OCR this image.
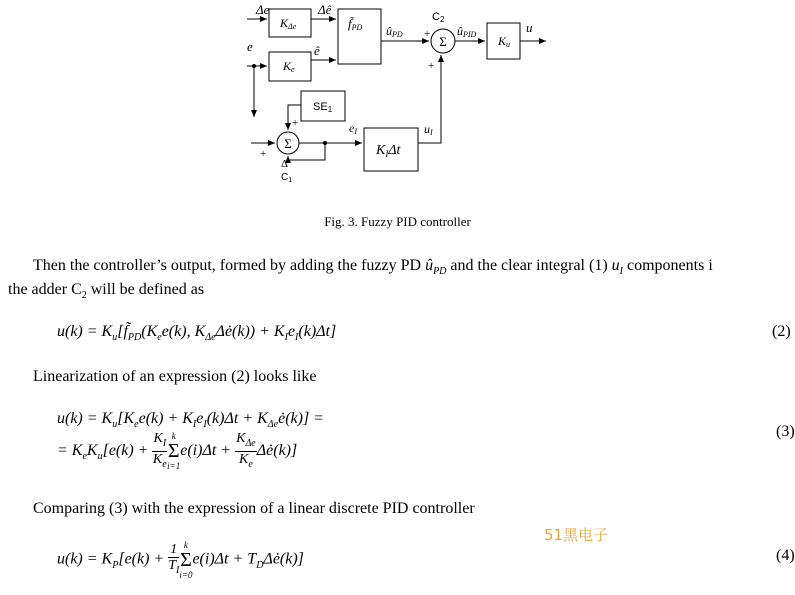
KΔe
Ke
f̃PD
Ku
SE1
$K_I\Delta t$
Σ
Σ
Δe	Δê
e	ê
ûPD	ûPID	u
C2
+
+
+
+
eI	uI
Δ
$C_1$
Fig. 3. Fuzzy PID controller
Then the controller’s output, formed by adding the fuzzy PD $û_{PD}$ and the clear integral (1) $u_I$ components i
the adder $C_2$ will be defined as
$u(k) = K_u[f̃_{PD}(K_ee(k)$, $K_{\Delta e}\Delta ė(k)) + K_Ie_I(k)\Delta t$]	(2)
Linearization of an expression (2) looks like
$u(k) = K_u[K_ee(k) + K_Ie_I(k)\Delta t$ + $K_{\Delta e}ė(k)$] =
= $K_eK_u[e(k) + \frac{K_I}{K_e}$ k
Σ
i=1
$e(i)\Delta t + \frac{K_{\Delta e}}{K_e}$ Δė(k)]
(3)
Comparing (3) with the expression of a linear discrete PID controller
51黑电子
$u(k) = K_P[e(k) + \frac{1}{T_I}$ k
Σ
i=0
$e(i)\Delta t + T_D\Delta ė(k)$]	(4)
